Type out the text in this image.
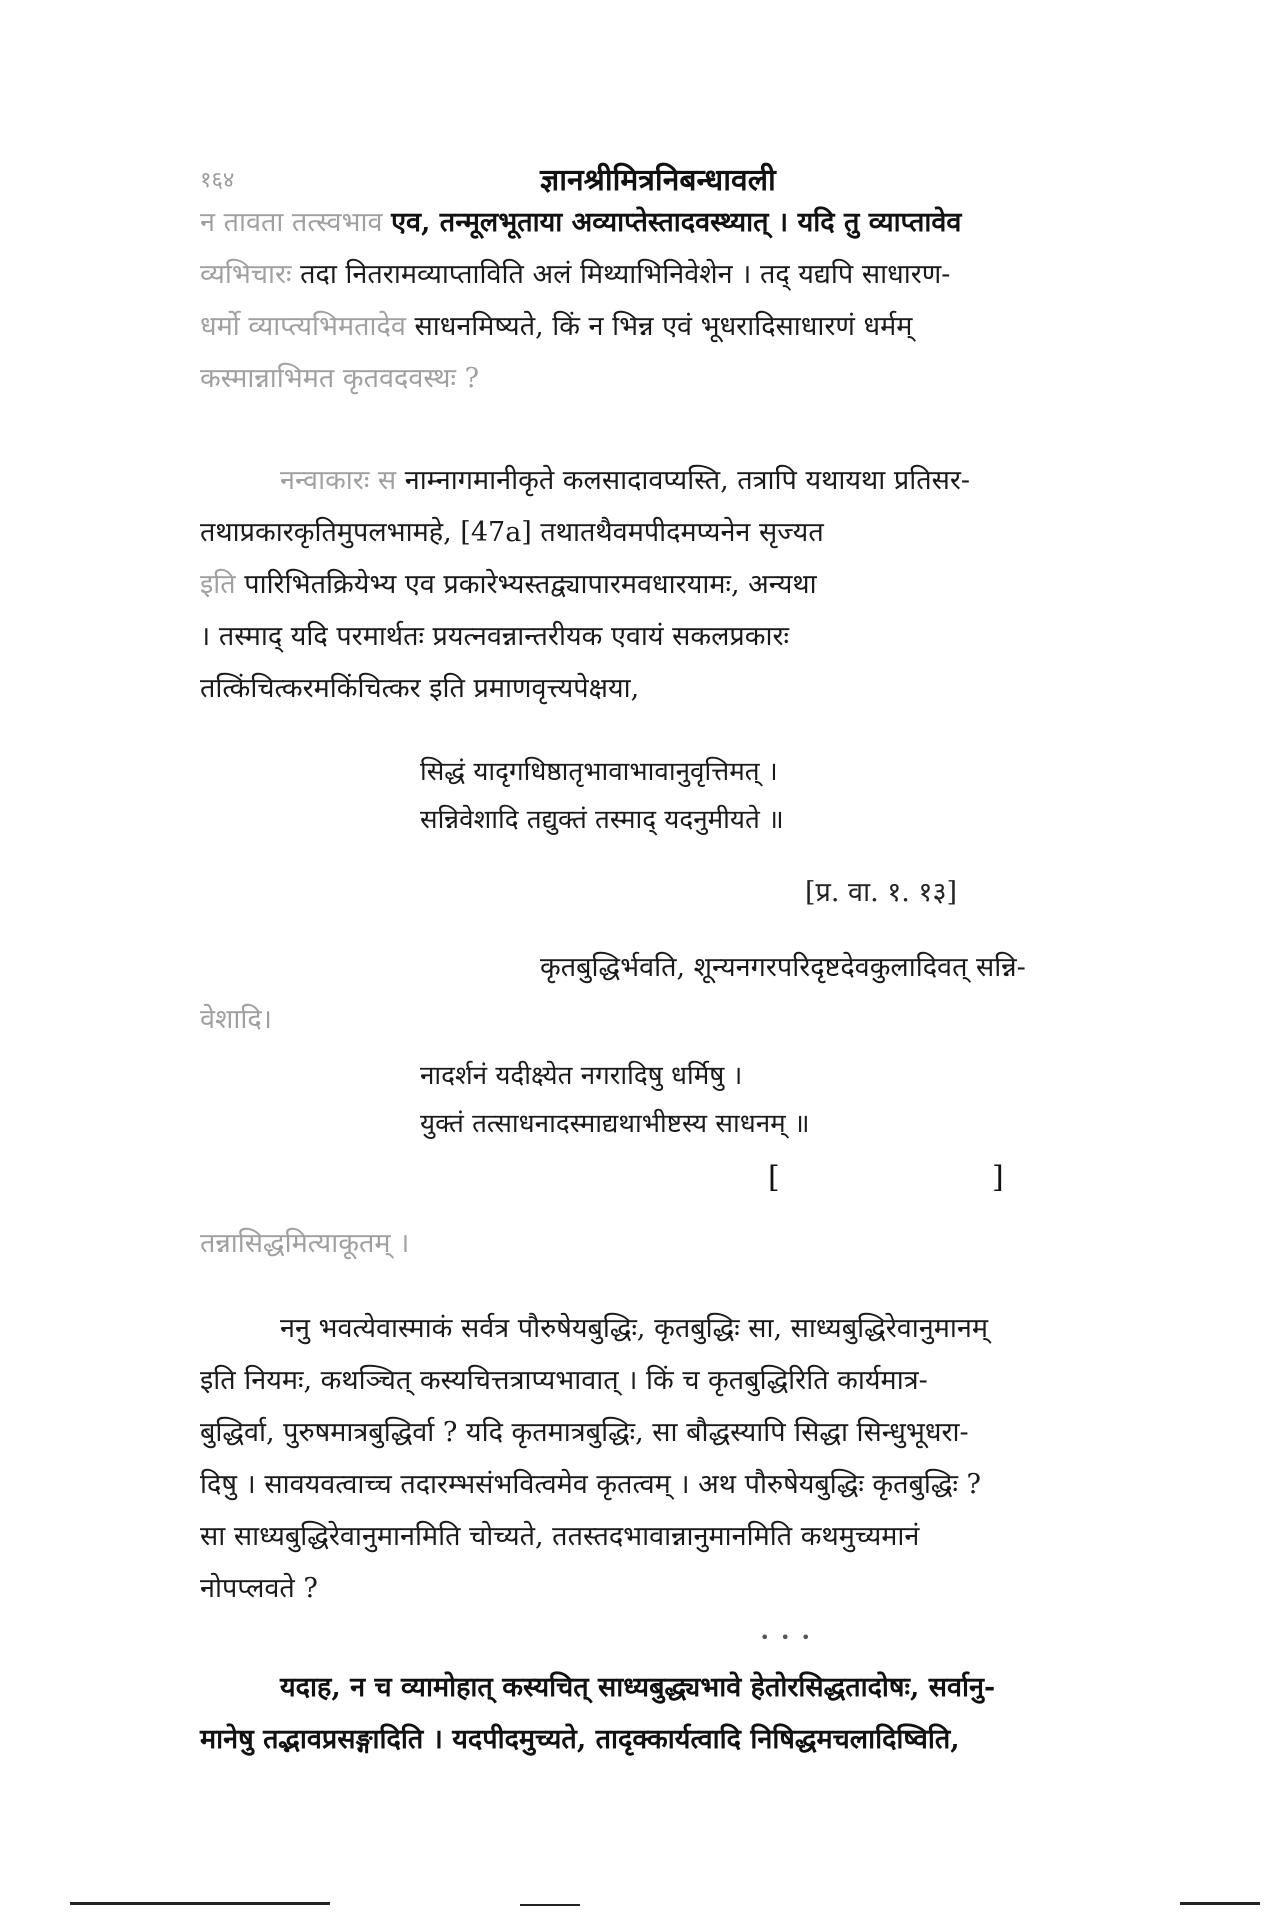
१६४	ज्ञानश्रीमित्रनिबन्धावली
न तावता तत्स्वभाव एव, तन्मूलभूताया अव्याप्तेस्तादवस्थ्यात् । यदि तु व्याप्तावेव
व्यभिचारः तदा नितरामव्याप्ताविति अलं मिथ्याभिनिवेशेन । तद् यद्यपि साधारण-
धर्मो व्याप्त्यभिमतादेव साधनमिष्यते, किं न भिन्न एवं भूधरादिसाधारणं धर्मम्
कस्मान्नाभिमत कृतवदवस्थः ?
नन्वाकारः स नाम्नागमानीकृते कलसादावप्यस्ति, तत्रापि यथायथा प्रतिसर-
तथाप्रकारकृतिमुपलभामहे, [47a] तथातथैवमपीदमप्यनेन सृज्यत
इति पारिभितक्रियेभ्य एव प्रकारेभ्यस्तद्व्यापारमवधारयामः, अन्यथा
। तस्माद् यदि परमार्थतः प्रयत्नवन्नान्तरीयक एवायं सकलप्रकारः
तत्किंचित्करमकिंचित्कर इति प्रमाणवृत्त्यपेक्षया,
सिद्धं यादृगधिष्ठातृभावाभावानुवृत्तिमत् ।
सन्निवेशादि तद्युक्तं तस्माद् यदनुमीयते ॥
[प्र. वा. १. १३]
कृतबुद्धिर्भवति, शून्यनगरपरिदृष्टदेवकुलादिवत् सन्नि-
वेशादि।
नादर्शनं यदीक्ष्येत नगरादिषु धर्मिषु ।
युक्तं तत्साधनादस्माद्यथाभीष्टस्य साधनम् ॥
[	]
तन्नासिद्धमित्याकूतम् ।
ननु भवत्येवास्माकं सर्वत्र पौरुषेयबुद्धिः, कृतबुद्धिः सा, साध्यबुद्धिरेवानुमानम्
इति नियमः, कथञ्चित् कस्यचित्तत्राप्यभावात् । किं च कृतबुद्धिरिति कार्यमात्र-
बुद्धिर्वा, पुरुषमात्रबुद्धिर्वा ? यदि कृतमात्रबुद्धिः, सा बौद्धस्यापि सिद्धा सिन्धुभूधरा-
दिषु । सावयवत्वाच्च तदारम्भसंभवित्वमेव कृतत्वम् । अथ पौरुषेयबुद्धिः कृतबुद्धिः ?
सा साध्यबुद्धिरेवानुमानमिति चोच्यते, ततस्तदभावान्नानुमानमिति कथमुच्यमानं
नोपप्लवते ?
• • •
यदाह, न च व्यामोहात् कस्यचित् साध्यबुद्ध्यभावे हेतोरसिद्धतादोषः, सर्वानु-
मानेषु तद्भावप्रसङ्गादिति । यदपीदमुच्यते, तादृक्कार्यत्वादि निषिद्धमचलादिष्विति,
